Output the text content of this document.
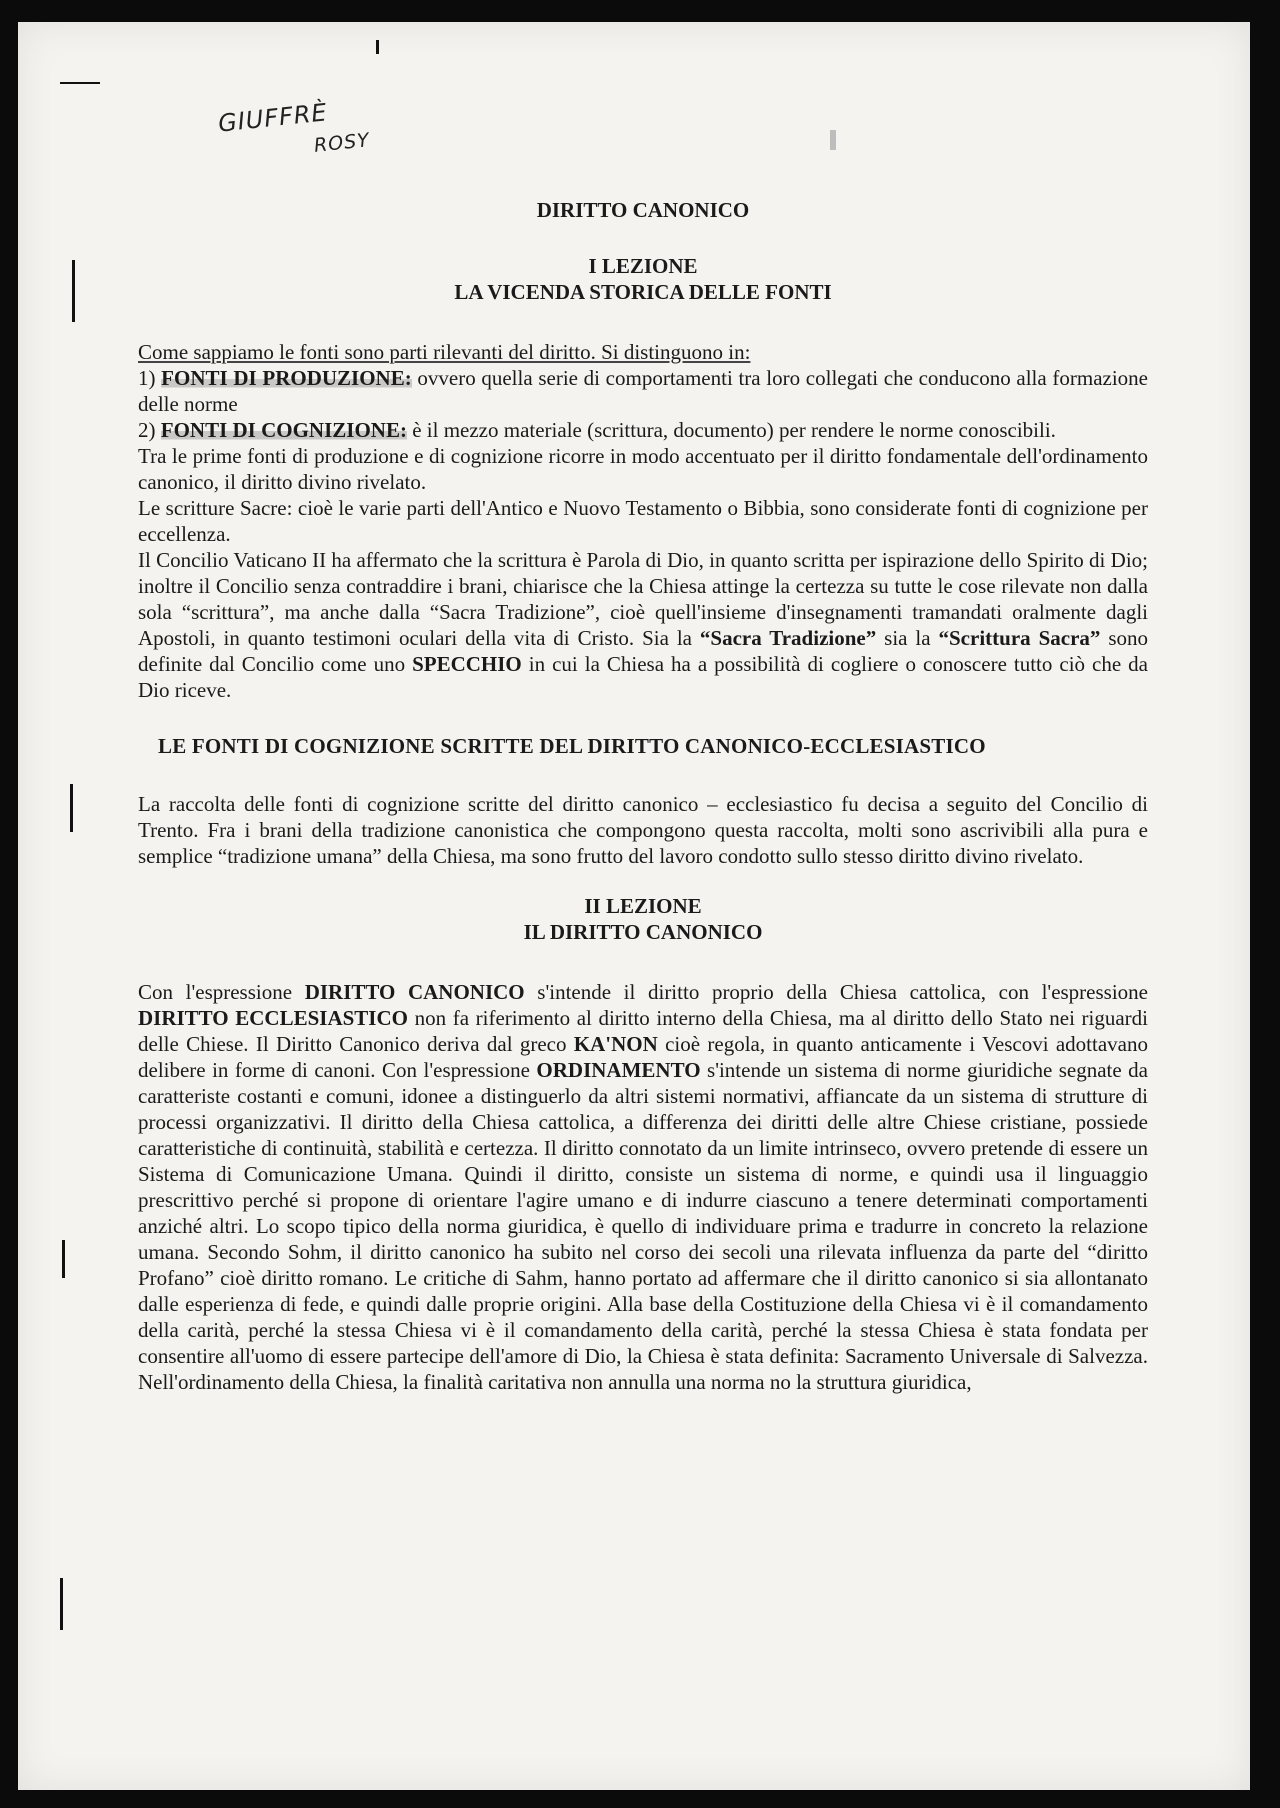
GIUFFRÈ
ROSY
DIRITTO CANONICO
I LEZIONE
LA VICENDA STORICA DELLE FONTI

Come sappiamo le fonti sono parti rilevanti del diritto. Si distinguono in:

1) FONTI DI PRODUZIONE: ovvero quella serie di comportamenti tra loro collegati che conducono alla formazione delle norme

2) FONTI DI COGNIZIONE: è il mezzo materiale (scrittura, documento) per rendere le norme conoscibili.

Tra le prime fonti di produzione e di cognizione ricorre in modo accentuato per il diritto fondamentale dell'ordinamento canonico, il diritto divino rivelato.

Le scritture Sacre: cioè le varie parti dell'Antico e Nuovo Testamento o Bibbia, sono considerate fonti di cognizione per eccellenza.

Il Concilio Vaticano II ha affermato che la scrittura è Parola di Dio, in quanto scritta per ispirazione dello Spirito di Dio; inoltre il Concilio senza contraddire i brani, chiarisce che la Chiesa attinge la certezza su tutte le cose rilevate non dalla sola “scrittura”, ma anche dalla “Sacra Tradizione”, cioè quell'insieme d'insegnamenti tramandati oralmente dagli Apostoli, in quanto testimoni oculari della vita di Cristo. Sia la “Sacra Tradizione” sia la “Scrittura Sacra” sono definite dal Concilio come uno SPECCHIO in cui la Chiesa ha a possibilità di cogliere o conoscere tutto ciò che da Dio riceve.

LE FONTI DI COGNIZIONE SCRITTE DEL DIRITTO CANONICO-ECCLESIASTICO

La raccolta delle fonti di cognizione scritte del diritto canonico – ecclesiastico fu decisa a seguito del Concilio di Trento. Fra i brani della tradizione canonistica che compongono questa raccolta, molti sono ascrivibili alla pura e semplice “tradizione umana” della Chiesa, ma sono frutto del lavoro condotto sullo stesso diritto divino rivelato.

II LEZIONE
IL DIRITTO CANONICO

Con l'espressione DIRITTO CANONICO s'intende il diritto proprio della Chiesa cattolica, con l'espressione DIRITTO ECCLESIASTICO non fa riferimento al diritto interno della Chiesa, ma al diritto dello Stato nei riguardi delle Chiese. Il Diritto Canonico deriva dal greco KA'NON cioè regola, in quanto anticamente i Vescovi adottavano delibere in forme di canoni. Con l'espressione ORDINAMENTO s'intende un sistema di norme giuridiche segnate da caratteriste costanti e comuni, idonee a distinguerlo da altri sistemi normativi, affiancate da un sistema di strutture di processi organizzativi. Il diritto della Chiesa cattolica, a differenza dei diritti delle altre Chiese cristiane, possiede caratteristiche di continuità, stabilità e certezza. Il diritto connotato da un limite intrinseco, ovvero pretende di essere un Sistema di Comunicazione Umana. Quindi il diritto, consiste un sistema di norme, e quindi usa il linguaggio prescrittivo perché si propone di orientare l'agire umano e di indurre ciascuno a tenere determinati comportamenti anziché altri. Lo scopo tipico della norma giuridica, è quello di individuare prima e tradurre in concreto la relazione umana. Secondo Sohm, il diritto canonico ha subito nel corso dei secoli una rilevata influenza da parte del “diritto Profano” cioè diritto romano. Le critiche di Sahm, hanno portato ad affermare che il diritto canonico si sia allontanato dalle esperienza di fede, e quindi dalle proprie origini. Alla base della Costituzione della Chiesa vi è il comandamento della carità, perché la stessa Chiesa vi è il comandamento della carità, perché la stessa Chiesa è stata fondata per consentire all'uomo di essere partecipe dell'amore di Dio, la Chiesa è stata definita: Sacramento Universale di Salvezza. Nell'ordinamento della Chiesa, la finalità caritativa non annulla una norma no la struttura giuridica,
